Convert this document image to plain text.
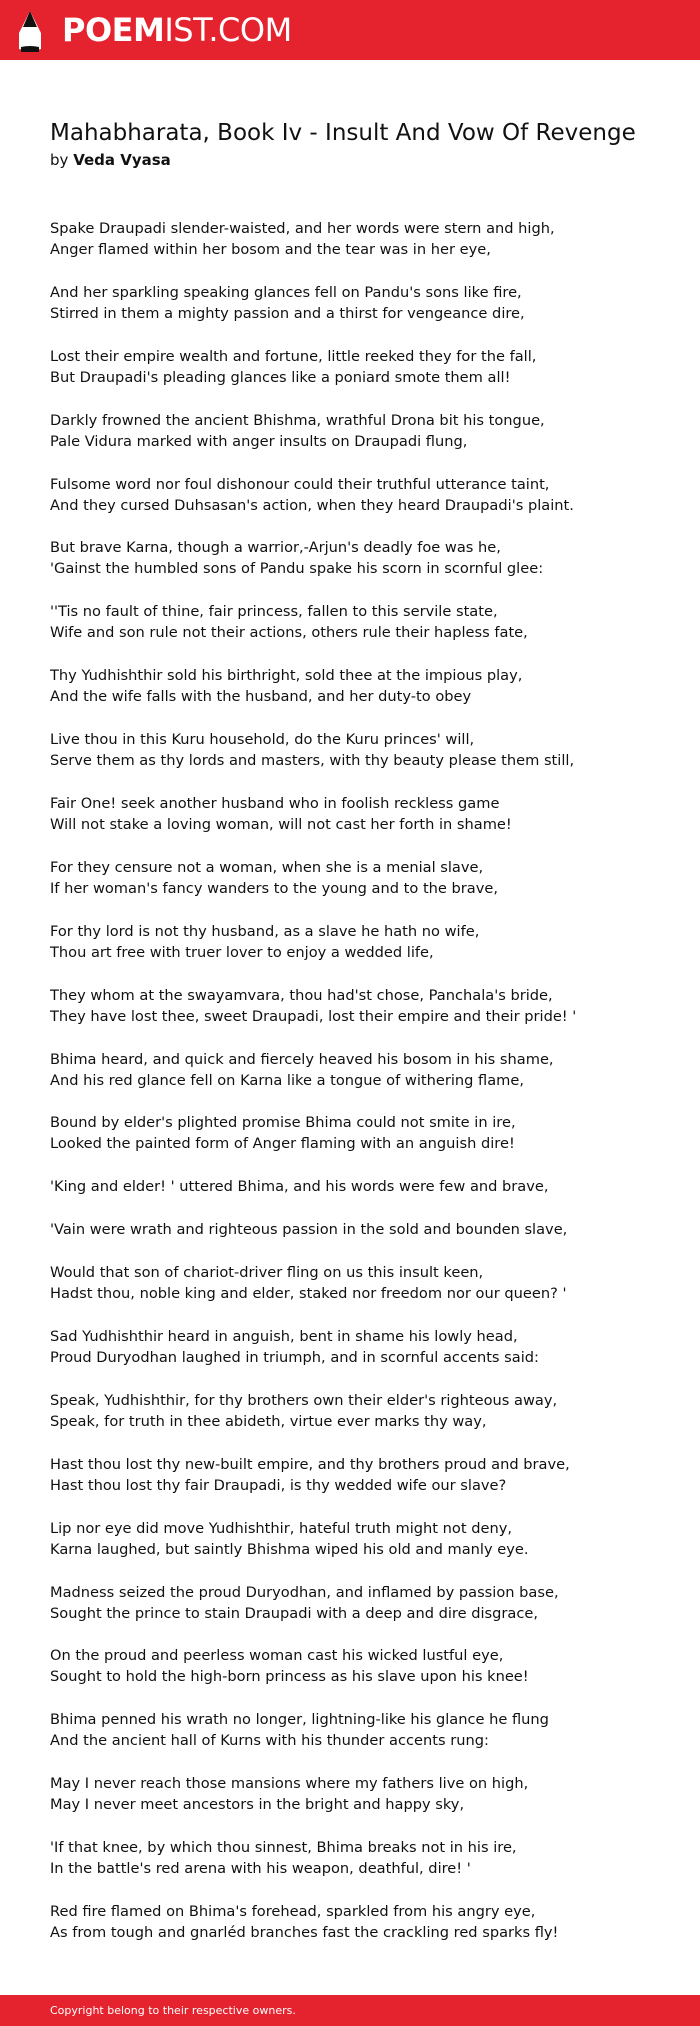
POEMIST.COM
Mahabharata, Book Iv - Insult And Vow Of Revenge
by Veda Vyasa

Spake Draupadi slender-waisted, and her words were stern and high,
Anger flamed within her bosom and the tear was in her eye,

And her sparkling speaking glances fell on Pandu's sons like fire,
Stirred in them a mighty passion and a thirst for vengeance dire,

Lost their empire wealth and fortune, little reeked they for the fall,
But Draupadi's pleading glances like a poniard smote them all!

Darkly frowned the ancient Bhishma, wrathful Drona bit his tongue,
Pale Vidura marked with anger insults on Draupadi flung,

Fulsome word nor foul dishonour could their truthful utterance taint,
And they cursed Duhsasan's action, when they heard Draupadi's plaint.

But brave Karna, though a warrior,-Arjun's deadly foe was he,
'Gainst the humbled sons of Pandu spake his scorn in scornful glee:

''Tis no fault of thine, fair princess, fallen to this servile state,
Wife and son rule not their actions, others rule their hapless fate,

Thy Yudhishthir sold his birthright, sold thee at the impious play,
And the wife falls with the husband, and her duty-to obey

Live thou in this Kuru household, do the Kuru princes' will,
Serve them as thy lords and masters, with thy beauty please them still,

Fair One! seek another husband who in foolish reckless game
Will not stake a loving woman, will not cast her forth in shame!

For they censure not a woman, when she is a menial slave,
If her woman's fancy wanders to the young and to the brave,

For thy lord is not thy husband, as a slave he hath no wife,
Thou art free with truer lover to enjoy a wedded life,

They whom at the swayamvara, thou had'st chose, Panchala's bride,
They have lost thee, sweet Draupadi, lost their empire and their pride! '

Bhima heard, and quick and fiercely heaved his bosom in his shame,
And his red glance fell on Karna like a tongue of withering flame,

Bound by elder's plighted promise Bhima could not smite in ire,
Looked the painted form of Anger flaming with an anguish dire!

'King and elder! ' uttered Bhima, and his words were few and brave,

'Vain were wrath and righteous passion in the sold and bounden slave,

Would that son of chariot-driver fling on us this insult keen,
Hadst thou, noble king and elder, staked nor freedom nor our queen? '

Sad Yudhishthir heard in anguish, bent in shame his lowly head,
Proud Duryodhan laughed in triumph, and in scornful accents said:

Speak, Yudhishthir, for thy brothers own their elder's righteous away,
Speak, for truth in thee abideth, virtue ever marks thy way,

Hast thou lost thy new-built empire, and thy brothers proud and brave,
Hast thou lost thy fair Draupadi, is thy wedded wife our slave?

Lip nor eye did move Yudhishthir, hateful truth might not deny,
Karna laughed, but saintly Bhishma wiped his old and manly eye.

Madness seized the proud Duryodhan, and inflamed by passion base,
Sought the prince to stain Draupadi with a deep and dire disgrace,

On the proud and peerless woman cast his wicked lustful eye,
Sought to hold the high-born princess as his slave upon his knee!

Bhima penned his wrath no longer, lightning-like his glance he flung
And the ancient hall of Kurns with his thunder accents rung:

May I never reach those mansions where my fathers live on high,
May I never meet ancestors in the bright and happy sky,

'If that knee, by which thou sinnest, Bhima breaks not in his ire,
In the battle's red arena with his weapon, deathful, dire! '

Red fire flamed on Bhima's forehead, sparkled from his angry eye,
As from tough and gnarléd branches fast the crackling red sparks fly!

Copyright belong to their respective owners.
